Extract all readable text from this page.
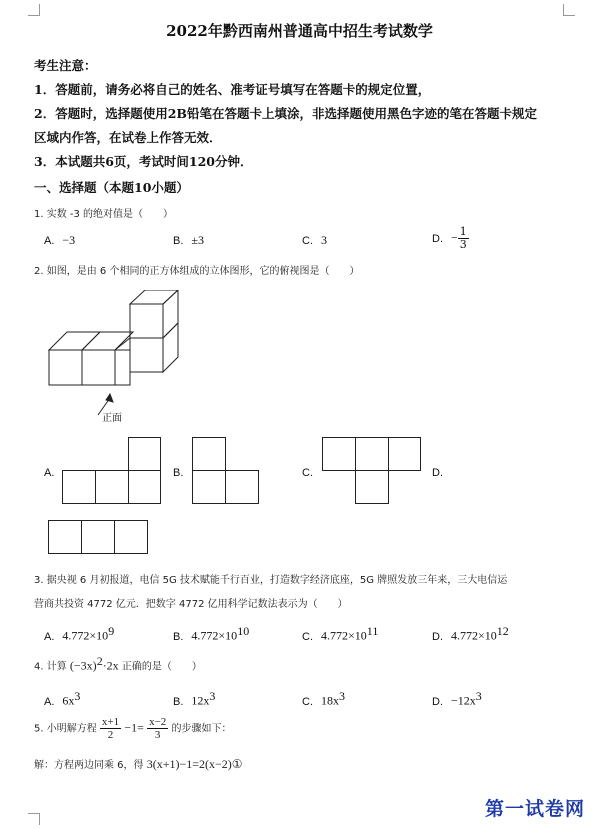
2022年黔西南州普通高中招生考试数学
考生注意：
1．答题前，请务必将自己的姓名、准考证号填写在答题卡的规定位置，
2．答题时，选择题使用2B铅笔在答题卡上填涂，非选择题使用黑色字迹的笔在答题卡规定
区域内作答，在试卷上作答无效．
3．本试题共6页，考试时间120分钟．
一、选择题（本题10小题）
1. 实数 -3 的绝对值是（　　）
A. −3	B. ±3	C. 3	D. − $\frac{1}{3}$
2. 如图，是由 6 个相同的正方体组成的立体图形，它的俯视图是（　　）
正面
A.	B.	C.	D.
3. 据央视 6 月初报道，电信 5G 技术赋能千行百业，打造数字经济底座，5G 牌照发放三年来，三大电信运
营商共投资 4772 亿元．把数字 4772 亿用科学记数法表示为（　　）
A. $4.772\times 10^9$	B. $4.772\times 10^{10}$	C. $4.772\times 10^{11}$	D. $4.772\times 10^{12}$
4. 计算 $(-3x)^2\cdot 2x$ 正确的是（　　）
A. $6x^3$	B. $12x^3$	C. $18x^3$	D. $-12x^3$
5. 小明解方程 $\frac{x+1}{2} -1= \frac{x-2}{3}$ 的步骤如下：
解：方程两边同乘 6，得 3(x+1)−1=2(x−2)①
第一试卷网
